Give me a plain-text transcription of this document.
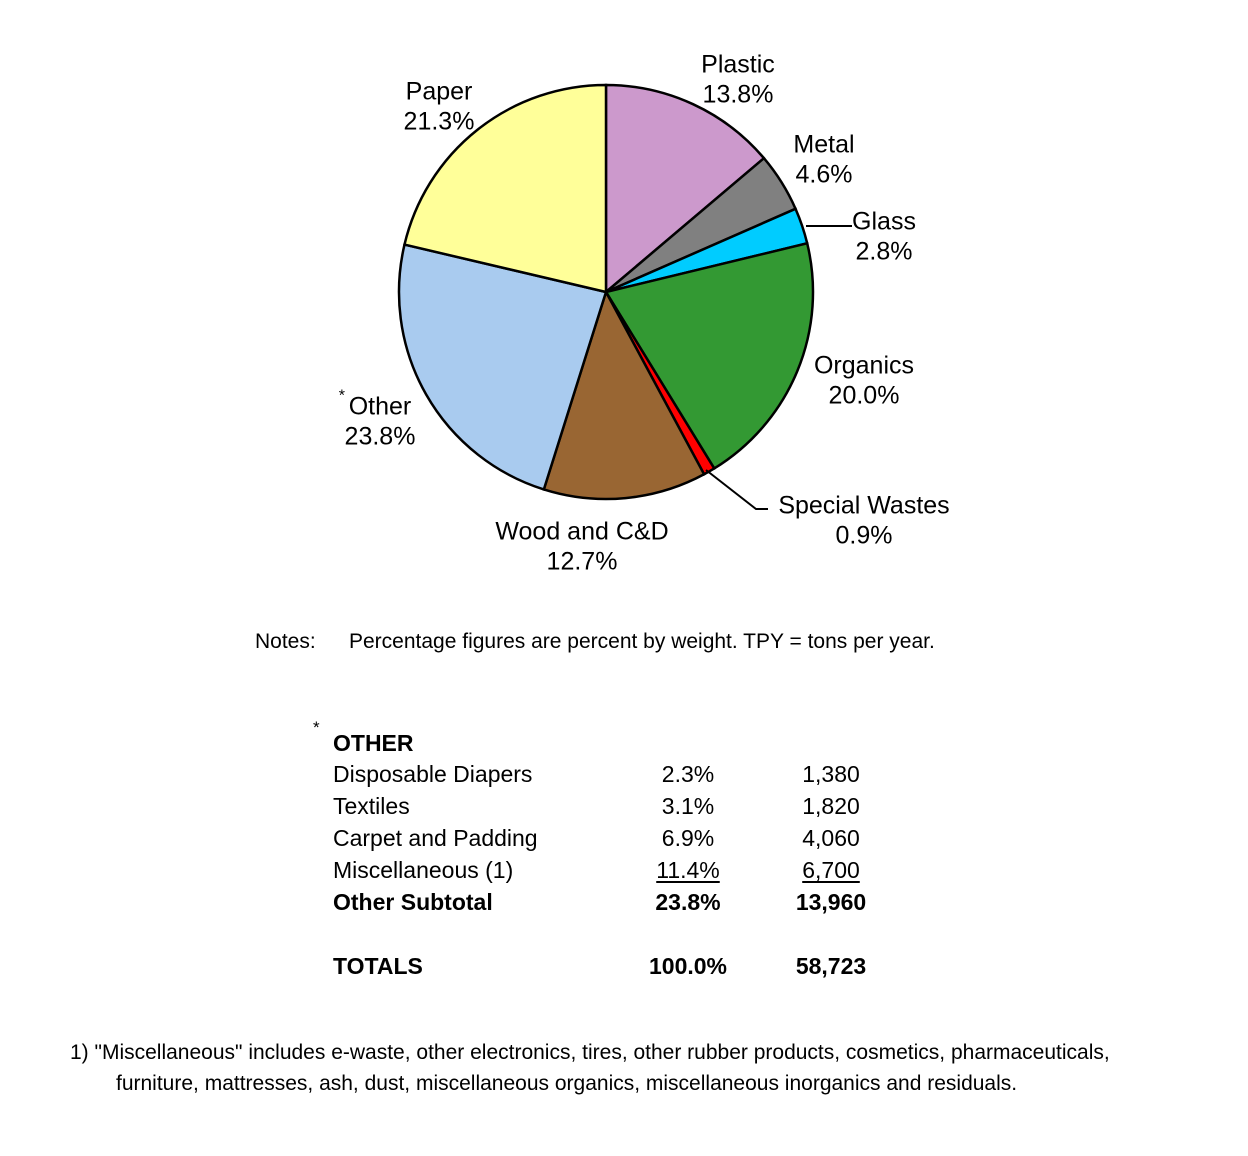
Plastic
13.8%
Metal
4.6%
Glass
2.8%
Organics
20.0%
Special Wastes
0.9%
Wood and C&D
12.7%
Other
23.8%
*
Paper
21.3%
Notes: Percentage figures are percent by weight. TPY = tons per year.
*
OTHER
Disposable Diapers	2.3%	1,380
Textiles	3.1%	1,820
Carpet and Padding	6.9%	4,060
Miscellaneous (1)	11.4%	6,700
Other Subtotal	23.8%	13,960
TOTALS	100.0%	58,723
1) "Miscellaneous" includes e-waste, other electronics, tires, other rubber products, cosmetics, pharmaceuticals,
furniture, mattresses, ash, dust, miscellaneous organics, miscellaneous inorganics and residuals.
